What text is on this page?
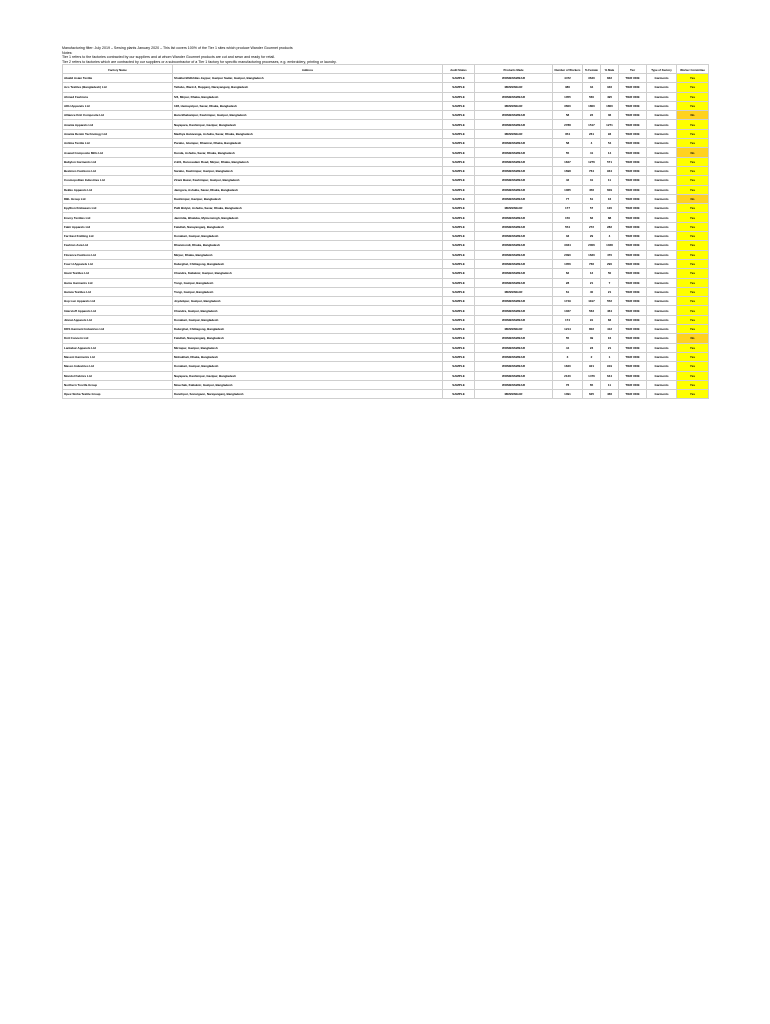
Manufacturing filter: July 2019 – Sewing plants January 2020 – This list covers 100% of the Tier 1 sites which produce Wander Gourmet products
Notes:
Tier 1 refers to the factories contracted by our suppliers and at whom Wander Gourmet products are cut and sewn and ready for retail.
Tier 2 refers to factories which are contracted by our suppliers or a subcontractor of a Tier 1 factory for specific manufacturing processes, e.g. embroidery, printing or laundry.
Factory Name	Address	Audit Status	Products Made	Number of Workers	% Female	% Male	Tier	Type of Factory	Worker Committee
Ababil Asian Textile	Shuklai Bhilbhilas Jaypur, Gazipur Sadar, Gazipur, Bangladesh	SAMPLE	WOMENSWEAR	4472	3640	832	TIER ONE	Garments	Yes
Acs Textiles (Bangladesh) Ltd	Tetlabo, Ward-3, Rupganj, Narayanganj, Bangladesh	SAMPLE	MENSWEAR	380	34	346	TIER ONE	Garments	Yes
Ahmed Fashions	5/3, Mirpur, Dhaka, Bangladesh	SAMPLE	WOMENSWEAR	1055	560	495	TIER ONE	Garments	Yes
AKH Apparels Ltd	128, Hemayetpur, Savar, Dhaka, Bangladesh	SAMPLE	MENSWEAR	3600	1800	1800	TIER ONE	Garments	Yes
Alliance Knit Composite Ltd	Bara Bhabanipur, Kashimpur, Gazipur, Bangladesh	SAMPLE	WOMENSWEAR	58	22	36	TIER ONE	Garments	No
Ananta Apparels Ltd	Nayapara, Kashimpur, Gazipur, Bangladesh	SAMPLE	WOMENSWEAR	2788	1517	1271	TIER ONE	Garments	Yes
Ananta Denim Technology Ltd	Madhya Hatuvanga, Ashulia, Savar, Dhaka, Bangladesh	SAMPLE	MENSWEAR	354	261	93	TIER ONE	Garments	Yes
Anlima Textile Ltd	Parabo, Islampur, Dhamrai, Dhaka, Bangladesh	SAMPLE	WOMENSWEAR	58	4	54	TIER ONE	Garments	Yes
Aswad Composite Mills Ltd	Kunda, Ashulia, Savar, Dhaka, Bangladesh	SAMPLE	WOMENSWEAR	55	41	14	TIER ONE	Garments	No
Babylon Garments Ltd	2-B/1, Darussalam Road, Mirpur, Dhaka, Bangladesh	SAMPLE	WOMENSWEAR	1847	1276	571	TIER ONE	Garments	Yes
Beximco Fashions Ltd	Sarabo, Kashimpur, Gazipur, Bangladesh	SAMPLE	WOMENSWEAR	1698	764	934	TIER ONE	Garments	Yes
Cosmopolitan Industries Ltd	Zirani Bazar, Kashimpur, Gazipur, Bangladesh	SAMPLE	WOMENSWEAR	42	31	11	TIER ONE	Garments	Yes
Dekko Apparels Ltd	Jamgora, Ashulia, Savar, Dhaka, Bangladesh	SAMPLE	WOMENSWEAR	1065	456	609	TIER ONE	Garments	Yes
DBL Group Ltd	Kashimpur, Gazipur, Bangladesh	SAMPLE	WOMENSWEAR	77	61	16	TIER ONE	Garments	No
Epyllion Knitwears Ltd	Palli Bidyut, Ashulia, Savar, Dhaka, Bangladesh	SAMPLE	MENSWEAR	177	57	120	TIER ONE	Garments	Yes
Envoy Textiles Ltd	Jamirdia, Bhaluka, Mymensingh, Bangladesh	SAMPLE	WOMENSWEAR	150	62	88	TIER ONE	Garments	Yes
Fakir Apparels Ltd	Fatullah, Narayanganj, Bangladesh	SAMPLE	WOMENSWEAR	554	272	282	TIER ONE	Garments	Yes
Far East Knitting Ltd	Konabari, Gazipur, Bangladesh	SAMPLE	WOMENSWEAR	33	29	4	TIER ONE	Garments	Yes
Fashion Asia Ltd	Dhanmondi, Dhaka, Bangladesh	SAMPLE	WOMENSWEAR	3034	2006	1028	TIER ONE	Garments	Yes
Florence Fashions Ltd	Mirpur, Dhaka, Bangladesh	SAMPLE	WOMENSWEAR	2090	1620	470	TIER ONE	Garments	Yes
Four H Apparels Ltd	Kalurghat, Chittagong, Bangladesh	SAMPLE	WOMENSWEAR	1056	766	290	TIER ONE	Garments	Yes
Giant Textiles Ltd	Chandra, Kaliakoir, Gazipur, Bangladesh	SAMPLE	WOMENSWEAR	62	12	50	TIER ONE	Garments	Yes
Hams Garments Ltd	Tongi, Gazipur, Bangladesh	SAMPLE	WOMENSWEAR	28	21	7	TIER ONE	Garments	Yes
Hamza Textiles Ltd	Tongi, Gazipur, Bangladesh	SAMPLE	MENSWEAR	61	40	21	TIER ONE	Garments	Yes
Hop Lun Apparels Ltd	Joydebpur, Gazipur, Bangladesh	SAMPLE	WOMENSWEAR	1749	1197	552	TIER ONE	Garments	Yes
Interstoff Apparels Ltd	Chandra, Gazipur, Bangladesh	SAMPLE	WOMENSWEAR	1027	563	464	TIER ONE	Garments	Yes
Jinnat Apparels Ltd	Konabari, Gazipur, Bangladesh	SAMPLE	WOMENSWEAR	174	91	83	TIER ONE	Garments	Yes
KDS Garment Industries Ltd	Kalurghat, Chittagong, Bangladesh	SAMPLE	MENSWEAR	1214	802	412	TIER ONE	Garments	Yes
Knit Concern Ltd	Fatullah, Narayanganj, Bangladesh	SAMPLE	WOMENSWEAR	55	39	16	TIER ONE	Garments	No
Lantabur Apparels Ltd	Mirzapur, Gazipur, Bangladesh	SAMPLE	WOMENSWEAR	44	23	21	TIER ONE	Garments	Yes
Mascot Garments Ltd	Mohakhali, Dhaka, Bangladesh	SAMPLE	WOMENSWEAR	3	2	1	TIER ONE	Garments	Yes
Masco Industries Ltd	Konabari, Gazipur, Bangladesh	SAMPLE	WOMENSWEAR	1840	921	919	TIER ONE	Garments	Yes
Mondol Fabrics Ltd	Nayapara, Kashimpur, Gazipur, Bangladesh	SAMPLE	WOMENSWEAR	2120	1476	644	TIER ONE	Garments	Yes
Northern Tosrifa Group	Mouchak, Kaliakoir, Gazipur, Bangladesh	SAMPLE	WOMENSWEAR	76	65	11	TIER ONE	Garments	Yes
Opex Sinha Textile Group	Kanchpur, Sonargaon, Narayanganj, Bangladesh	SAMPLE	MENSWEAR	1091	625	466	TIER ONE	Garments	Yes
